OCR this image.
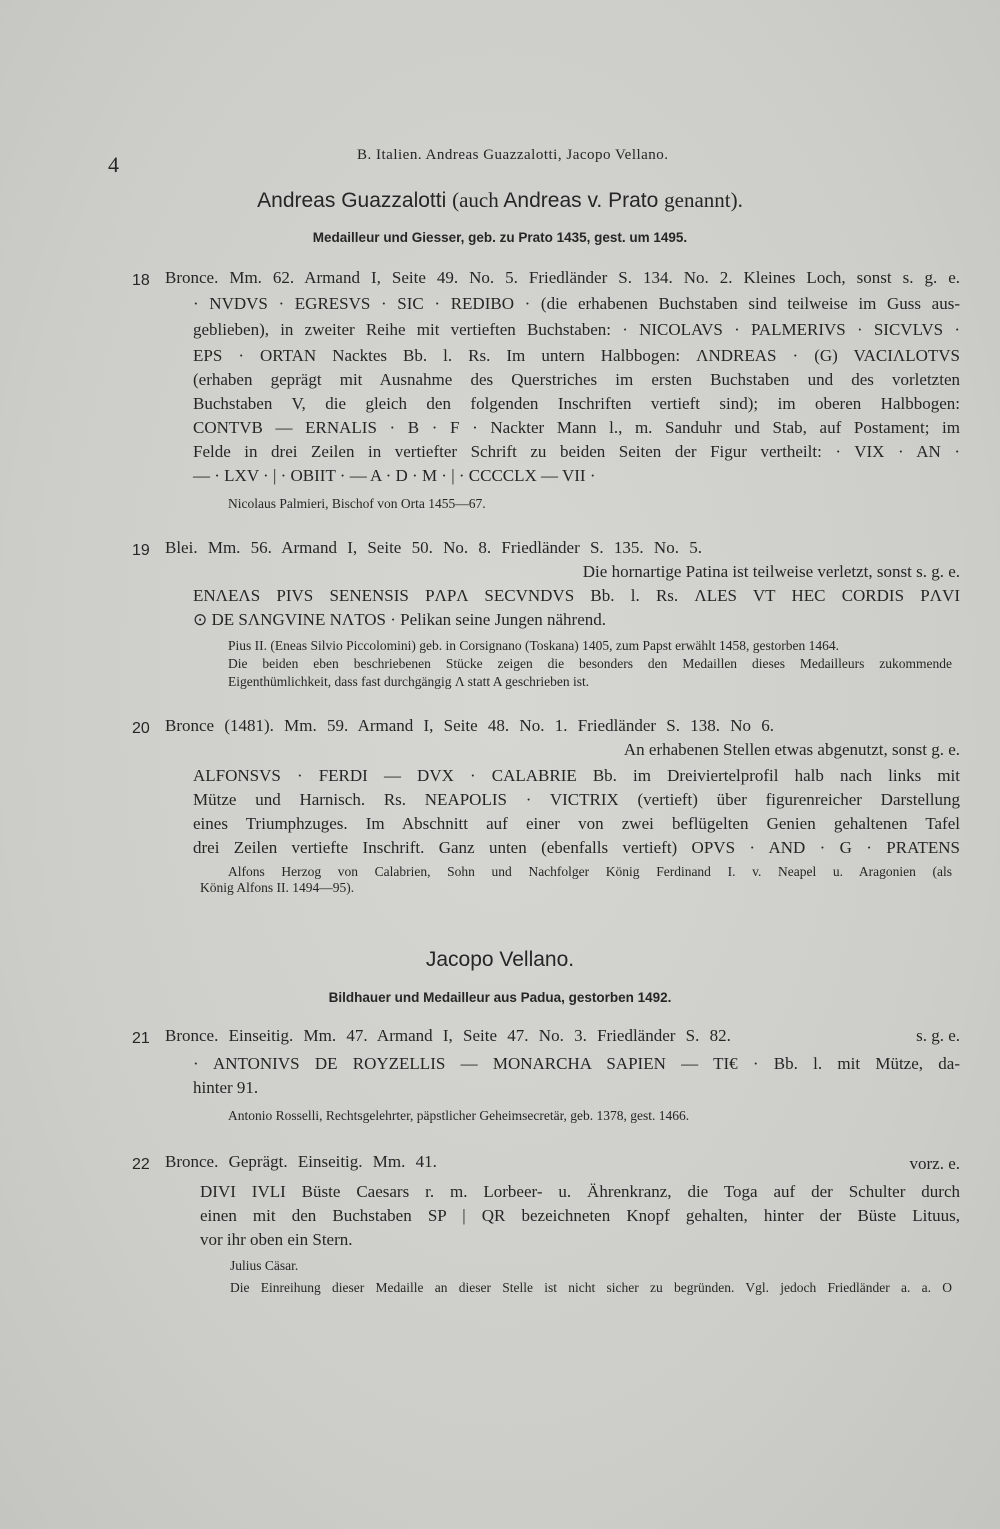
4	B. Italien. Andreas Guazzalotti, Jacopo Vellano.
Andreas Guazzalotti (auch Andreas v. Prato genannt).
Medailleur und Giesser, geb. zu Prato 1435, gest. um 1495.
18 Bronce. Mm. 62. Armand I, Seite 49. No. 5. Friedländer S. 134. No. 2. Kleines Loch, sonst s. g. e.
· NVDVS · EGRESVS · SIC · REDIBO · (die erhabenen Buchstaben sind teilweise im Guss aus-
geblieben), in zweiter Reihe mit vertieften Buchstaben: · NICOLAVS · PALMERIVS · SICVLVS ·
EPS · ORTAN Nacktes Bb. l. Rs. Im untern Halbbogen: ΛNDREAS · (G) VACIΛLOTVS
(erhaben geprägt mit Ausnahme des Querstriches im ersten Buchstaben und des vorletzten
Buchstaben V, die gleich den folgenden Inschriften vertieft sind); im oberen Halbbogen:
CONTVB — ERNALIS · B · F · Nackter Mann l., m. Sanduhr und Stab, auf Postament; im
Felde in drei Zeilen in vertiefter Schrift zu beiden Seiten der Figur vertheilt: · VIX · AN ·
— · LXV · | · OBIIT · — A · D · M · | · CCCCLX — VII ·
Nicolaus Palmieri, Bischof von Orta 1455—67.
19 Blei. Mm. 56. Armand I, Seite 50. No. 8. Friedländer S. 135. No. 5.
Die hornartige Patina ist teilweise verletzt, sonst s. g. e.
ENΛEΛS PIVS SENENSIS PΛPΛ SECVNDVS Bb. l. Rs. ΛLES VT HEC CORDIS PΛVI
⊙ DE SΛNGVINE NΛTOS · Pelikan seine Jungen nährend.
Pius II. (Eneas Silvio Piccolomini) geb. in Corsignano (Toskana) 1405, zum Papst erwählt 1458, gestorben 1464.
Die beiden eben beschriebenen Stücke zeigen die besonders den Medaillen dieses Medailleurs zukommende
Eigenthümlichkeit, dass fast durchgängig Λ statt A geschrieben ist.
20 Bronce (1481). Mm. 59. Armand I, Seite 48. No. 1. Friedländer S. 138. No 6.
An erhabenen Stellen etwas abgenutzt, sonst g. e.
ALFONSVS · FERDI — DVX · CALABRIE Bb. im Dreiviertelprofil halb nach links mit
Mütze und Harnisch. Rs. NEAPOLIS · VICTRIX (vertieft) über figurenreicher Darstellung
eines Triumphzuges. Im Abschnitt auf einer von zwei beflügelten Genien gehaltenen Tafel
drei Zeilen vertiefte Inschrift. Ganz unten (ebenfalls vertieft) OPVS · AND · G · PRATENS
Alfons Herzog von Calabrien, Sohn und Nachfolger König Ferdinand I. v. Neapel u. Aragonien (als
König Alfons II. 1494—95).
Jacopo Vellano.
Bildhauer und Medailleur aus Padua, gestorben 1492.
21 Bronce. Einseitig. Mm. 47. Armand I, Seite 47. No. 3. Friedländer S. 82.	s. g. e.
· ANTONIVS DE ROYZELLIS — MONARCHA SAPIEN — TI€ · Bb. l. mit Mütze, da-
hinter 91.
Antonio Rosselli, Rechtsgelehrter, päpstlicher Geheimsecretär, geb. 1378, gest. 1466.
22 Bronce. Geprägt. Einseitig. Mm. 41.	vorz. e.
DIVI IVLI Büste Caesars r. m. Lorbeer- u. Ährenkranz, die Toga auf der Schulter durch
einen mit den Buchstaben SP | QR bezeichneten Knopf gehalten, hinter der Büste Lituus,
vor ihr oben ein Stern.
Julius Cäsar.
Die Einreihung dieser Medaille an dieser Stelle ist nicht sicher zu begründen. Vgl. jedoch Friedländer a. a. O
